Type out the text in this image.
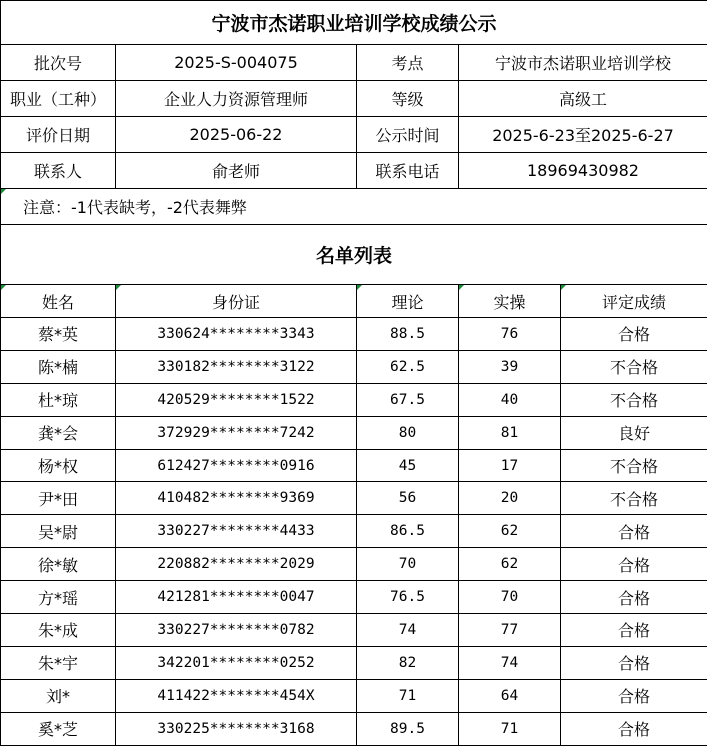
宁波市杰诺职业培训学校成绩公示				
批次号	2025-S-004075	考点	宁波市杰诺职业培训学校	
职业（工种）	企业人力资源管理师	等级	高级工	
评价日期	2025-06-22	公示时间	2025-6-23至2025-6-27	
联系人	俞老师	联系电话	18969430982	
注意：-1代表缺考，-2代表舞弊				
名单列表				
姓名	身份证	理论	实操	评定成绩
蔡*英	330624********3343	88.5	76	合格
陈*楠	330182********3122	62.5	39	不合格
杜*琼	420529********1522	67.5	40	不合格
龚*会	372929********7242	80	81	良好
杨*权	612427********0916	45	17	不合格
尹*田	410482********9369	56	20	不合格
吴*尉	330227********4433	86.5	62	合格
徐*敏	220882********2029	70	62	合格
方*瑶	421281********0047	76.5	70	合格
朱*成	330227********0782	74	77	合格
朱*宇	342201********0252	82	74	合格
刘*	411422********454X	71	64	合格
奚*芝	330225********3168	89.5	71	合格
